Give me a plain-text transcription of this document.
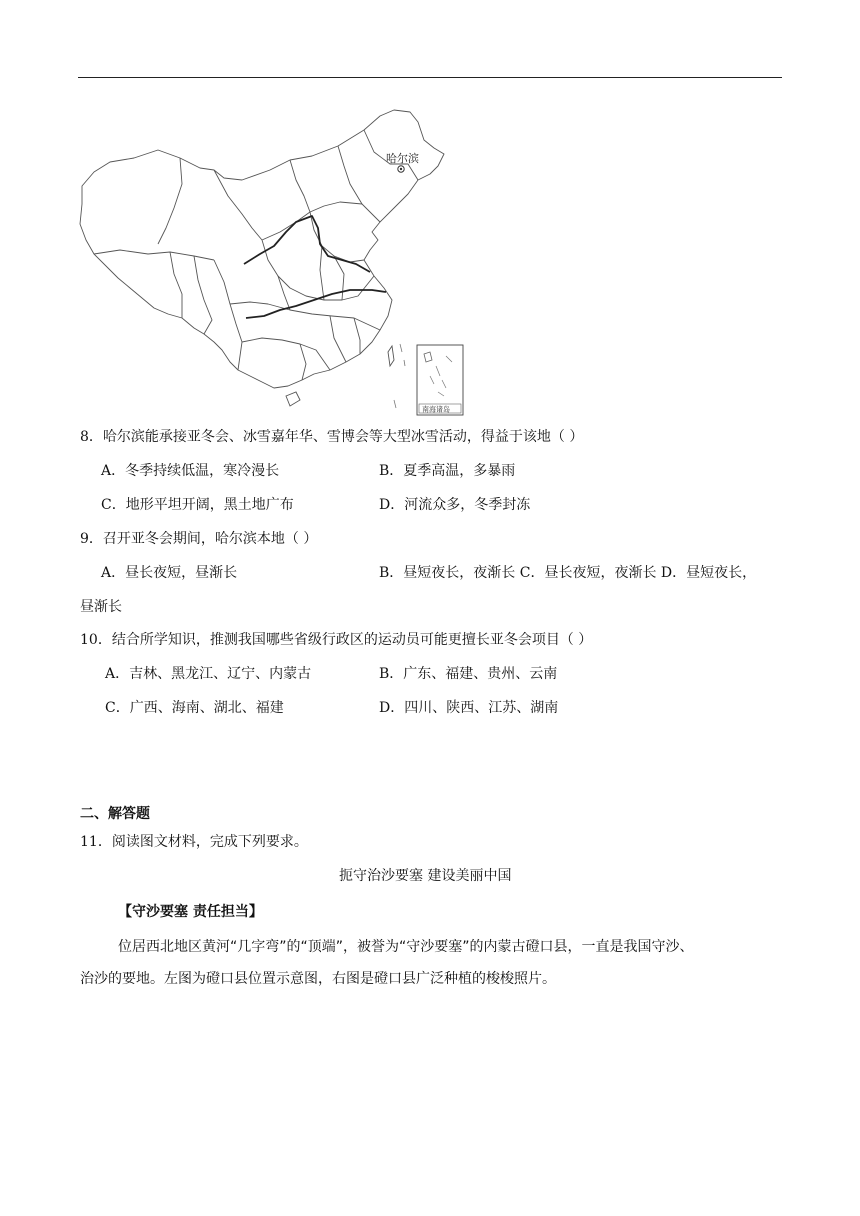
哈尔滨
南海诸岛
8．哈尔滨能承接亚冬会、冰雪嘉年华、雪博会等大型冰雪活动，得益于该地（ ）
A．冬季持续低温，寒冷漫长	B．夏季高温，多暴雨
C．地形平坦开阔，黑土地广布	D．河流众多，冬季封冻
9．召开亚冬会期间，哈尔滨本地（ ）
A．昼长夜短，昼渐长	B．昼短夜长，夜渐长 C．昼长夜短，夜渐长 D．昼短夜长，
昼渐长
10．结合所学知识，推测我国哪些省级行政区的运动员可能更擅长亚冬会项目（ ）
A．吉林、黑龙江、辽宁、内蒙古	B．广东、福建、贵州、云南
C．广西、海南、湖北、福建	D．四川、陕西、江苏、湖南
二、解答题
11．阅读图文材料，完成下列要求。
扼守治沙要塞 建设美丽中国
【守沙要塞 责任担当】
位居西北地区黄河“几字弯”的“顶端”，被誉为“守沙要塞”的内蒙古磴口县，一直是我国守沙、
治沙的要地。左图为磴口县位置示意图，右图是磴口县广泛种植的梭梭照片。
